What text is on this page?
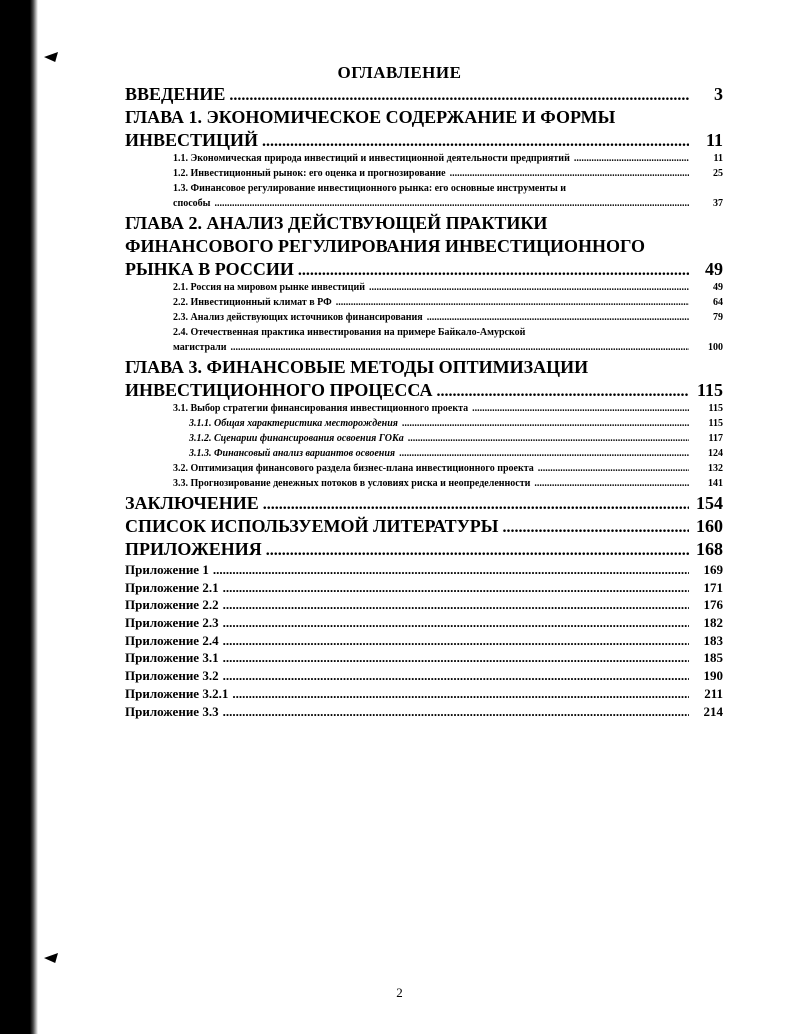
ОГЛАВЛЕНИЕ
ВВЕДЕНИЕ .....	3
ГЛАВА 1. ЭКОНОМИЧЕСКОЕ СОДЕРЖАНИЕ И ФОРМЫ
ИНВЕСТИЦИЙ .....	11
1.1. Экономическая природа инвестиций и инвестиционной деятельности предприятий .....	11
1.2. Инвестиционный рынок: его оценка и прогнозирование .....	25
1.3. Финансовое регулирование инвестиционного рынка: его основные инструменты и
способы .....	37
ГЛАВА 2. АНАЛИЗ ДЕЙСТВУЮЩЕЙ ПРАКТИКИ
ФИНАНСОВОГО РЕГУЛИРОВАНИЯ ИНВЕСТИЦИОННОГО
РЫНКА В РОССИИ .....	49
2.1. Россия на мировом рынке инвестиций .....	49
2.2. Инвестиционный климат в РФ .....	64
2.3. Анализ действующих источников финансирования .....	79
2.4. Отечественная практика инвестирования на примере Байкало-Амурской
магистрали .....	100
ГЛАВА 3. ФИНАНСОВЫЕ МЕТОДЫ ОПТИМИЗАЦИИ
ИНВЕСТИЦИОННОГО ПРОЦЕССА .....	115
3.1. Выбор стратегии финансирования инвестиционного проекта .....	115
3.1.1. Общая характеристика месторождения .....	115
3.1.2. Сценарии финансирования освоения ГОКа .....	117
3.1.3. Финансовый анализ вариантов освоения .....	124
3.2. Оптимизация финансового раздела бизнес-плана инвестиционного проекта .....	132
3.3. Прогнозирование денежных потоков в условиях риска и неопределенности .....	141
ЗАКЛЮЧЕНИЕ .....	154
СПИСОК ИСПОЛЬЗУЕМОЙ ЛИТЕРАТУРЫ .....	160
ПРИЛОЖЕНИЯ .....	168
Приложение 1 .....	169
Приложение 2.1 .....	171
Приложение 2.2 .....	176
Приложение 2.3 .....	182
Приложение 2.4 .....	183
Приложение 3.1 .....	185
Приложение 3.2 .....	190
Приложение 3.2.1 .....	211
Приложение 3.3 .....	214
2
